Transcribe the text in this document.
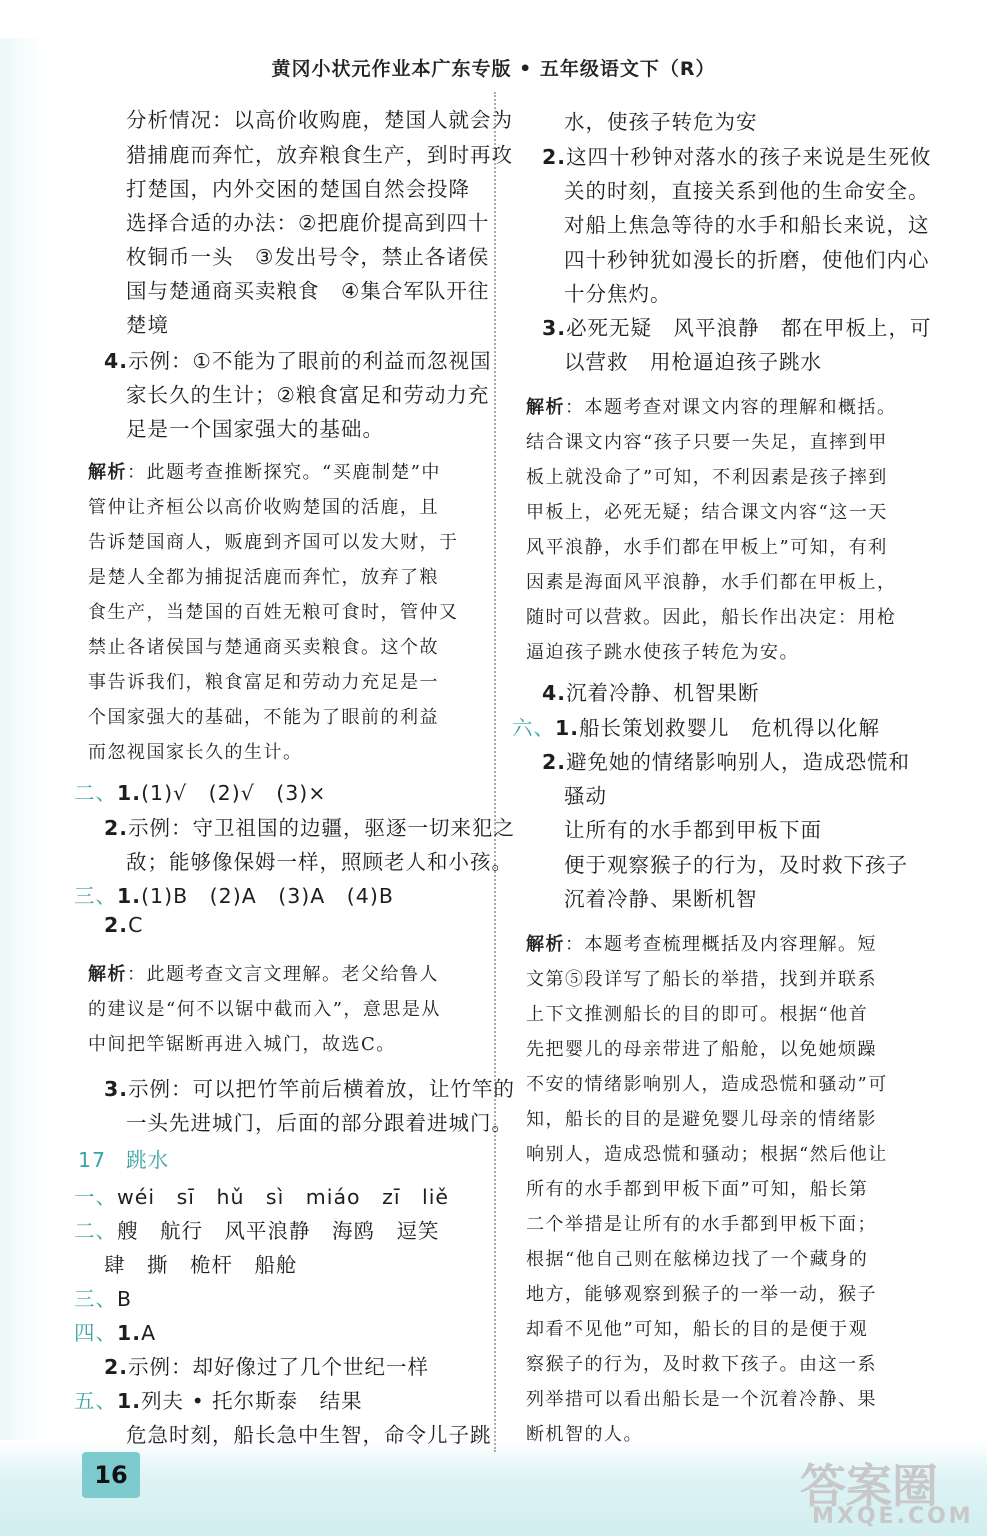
黄冈小状元作业本广东专版 • 五年级语文下（R）
分析情况：以高价收购鹿，楚国人就会为
猎捕鹿而奔忙，放弃粮食生产，到时再攻
打楚国，内外交困的楚国自然会投降
选择合适的办法：②把鹿价提高到四十
枚铜币一头　③发出号令，禁止各诸侯
国与楚通商买卖粮食　④集合军队开往
楚境
4.示例：①不能为了眼前的利益而忽视国
家长久的生计；②粮食富足和劳动力充
足是一个国家强大的基础。
解析：此题考查推断探究。“买鹿制楚”中
管仲让齐桓公以高价收购楚国的活鹿，且
告诉楚国商人，贩鹿到齐国可以发大财，于
是楚人全都为捕捉活鹿而奔忙，放弃了粮
食生产，当楚国的百姓无粮可食时，管仲又
禁止各诸侯国与楚通商买卖粮食。这个故
事告诉我们，粮食富足和劳动力充足是一
个国家强大的基础，不能为了眼前的利益
而忽视国家长久的生计。
二、1.(1)√　(2)√　(3)×
2.示例：守卫祖国的边疆，驱逐一切来犯之
敌；能够像保姆一样，照顾老人和小孩。
三、1.(1)B　(2)A　(3)A　(4)B
2.C
解析：此题考查文言文理解。老父给鲁人
的建议是“何不以锯中截而入”，意思是从
中间把竿锯断再进入城门，故选C。
3.示例：可以把竹竿前后横着放，让竹竿的
一头先进城门，后面的部分跟着进城门。
17 跳水
一、wéi　sī　hǔ　sì　miáo　zī　liě
二、艘　航行　风平浪静　海鸥　逗笑
肆　撕　桅杆　船舱
三、B
四、1.A
2.示例：却好像过了几个世纪一样
五、1.列夫 • 托尔斯泰　结果
危急时刻，船长急中生智，命令儿子跳
水，使孩子转危为安
2.这四十秒钟对落水的孩子来说是生死攸
关的时刻，直接关系到他的生命安全。
对船上焦急等待的水手和船长来说，这
四十秒钟犹如漫长的折磨，使他们内心
十分焦灼。
3.必死无疑　风平浪静　都在甲板上，可
以营救　用枪逼迫孩子跳水
解析：本题考查对课文内容的理解和概括。
结合课文内容“孩子只要一失足，直摔到甲
板上就没命了”可知，不利因素是孩子摔到
甲板上，必死无疑；结合课文内容“这一天
风平浪静，水手们都在甲板上”可知，有利
因素是海面风平浪静，水手们都在甲板上，
随时可以营救。因此，船长作出决定：用枪
逼迫孩子跳水使孩子转危为安。
4.沉着冷静、机智果断
六、1.船长策划救婴儿　危机得以化解
2.避免她的情绪影响别人，造成恐慌和
骚动
让所有的水手都到甲板下面
便于观察猴子的行为，及时救下孩子
沉着冷静、果断机智
解析：本题考查梳理概括及内容理解。短
文第⑤段详写了船长的举措，找到并联系
上下文推测船长的目的即可。根据“他首
先把婴儿的母亲带进了船舱，以免她烦躁
不安的情绪影响别人，造成恐慌和骚动”可
知，船长的目的是避免婴儿母亲的情绪影
响别人，造成恐慌和骚动；根据“然后他让
所有的水手都到甲板下面”可知，船长第
二个举措是让所有的水手都到甲板下面；
根据“他自己则在舷梯边找了一个藏身的
地方，能够观察到猴子的一举一动，猴子
却看不见他”可知，船长的目的是便于观
察猴子的行为，及时救下孩子。由这一系
列举措可以看出船长是一个沉着冷静、果
断机智的人。
16	答案圈
MXQE.COM
